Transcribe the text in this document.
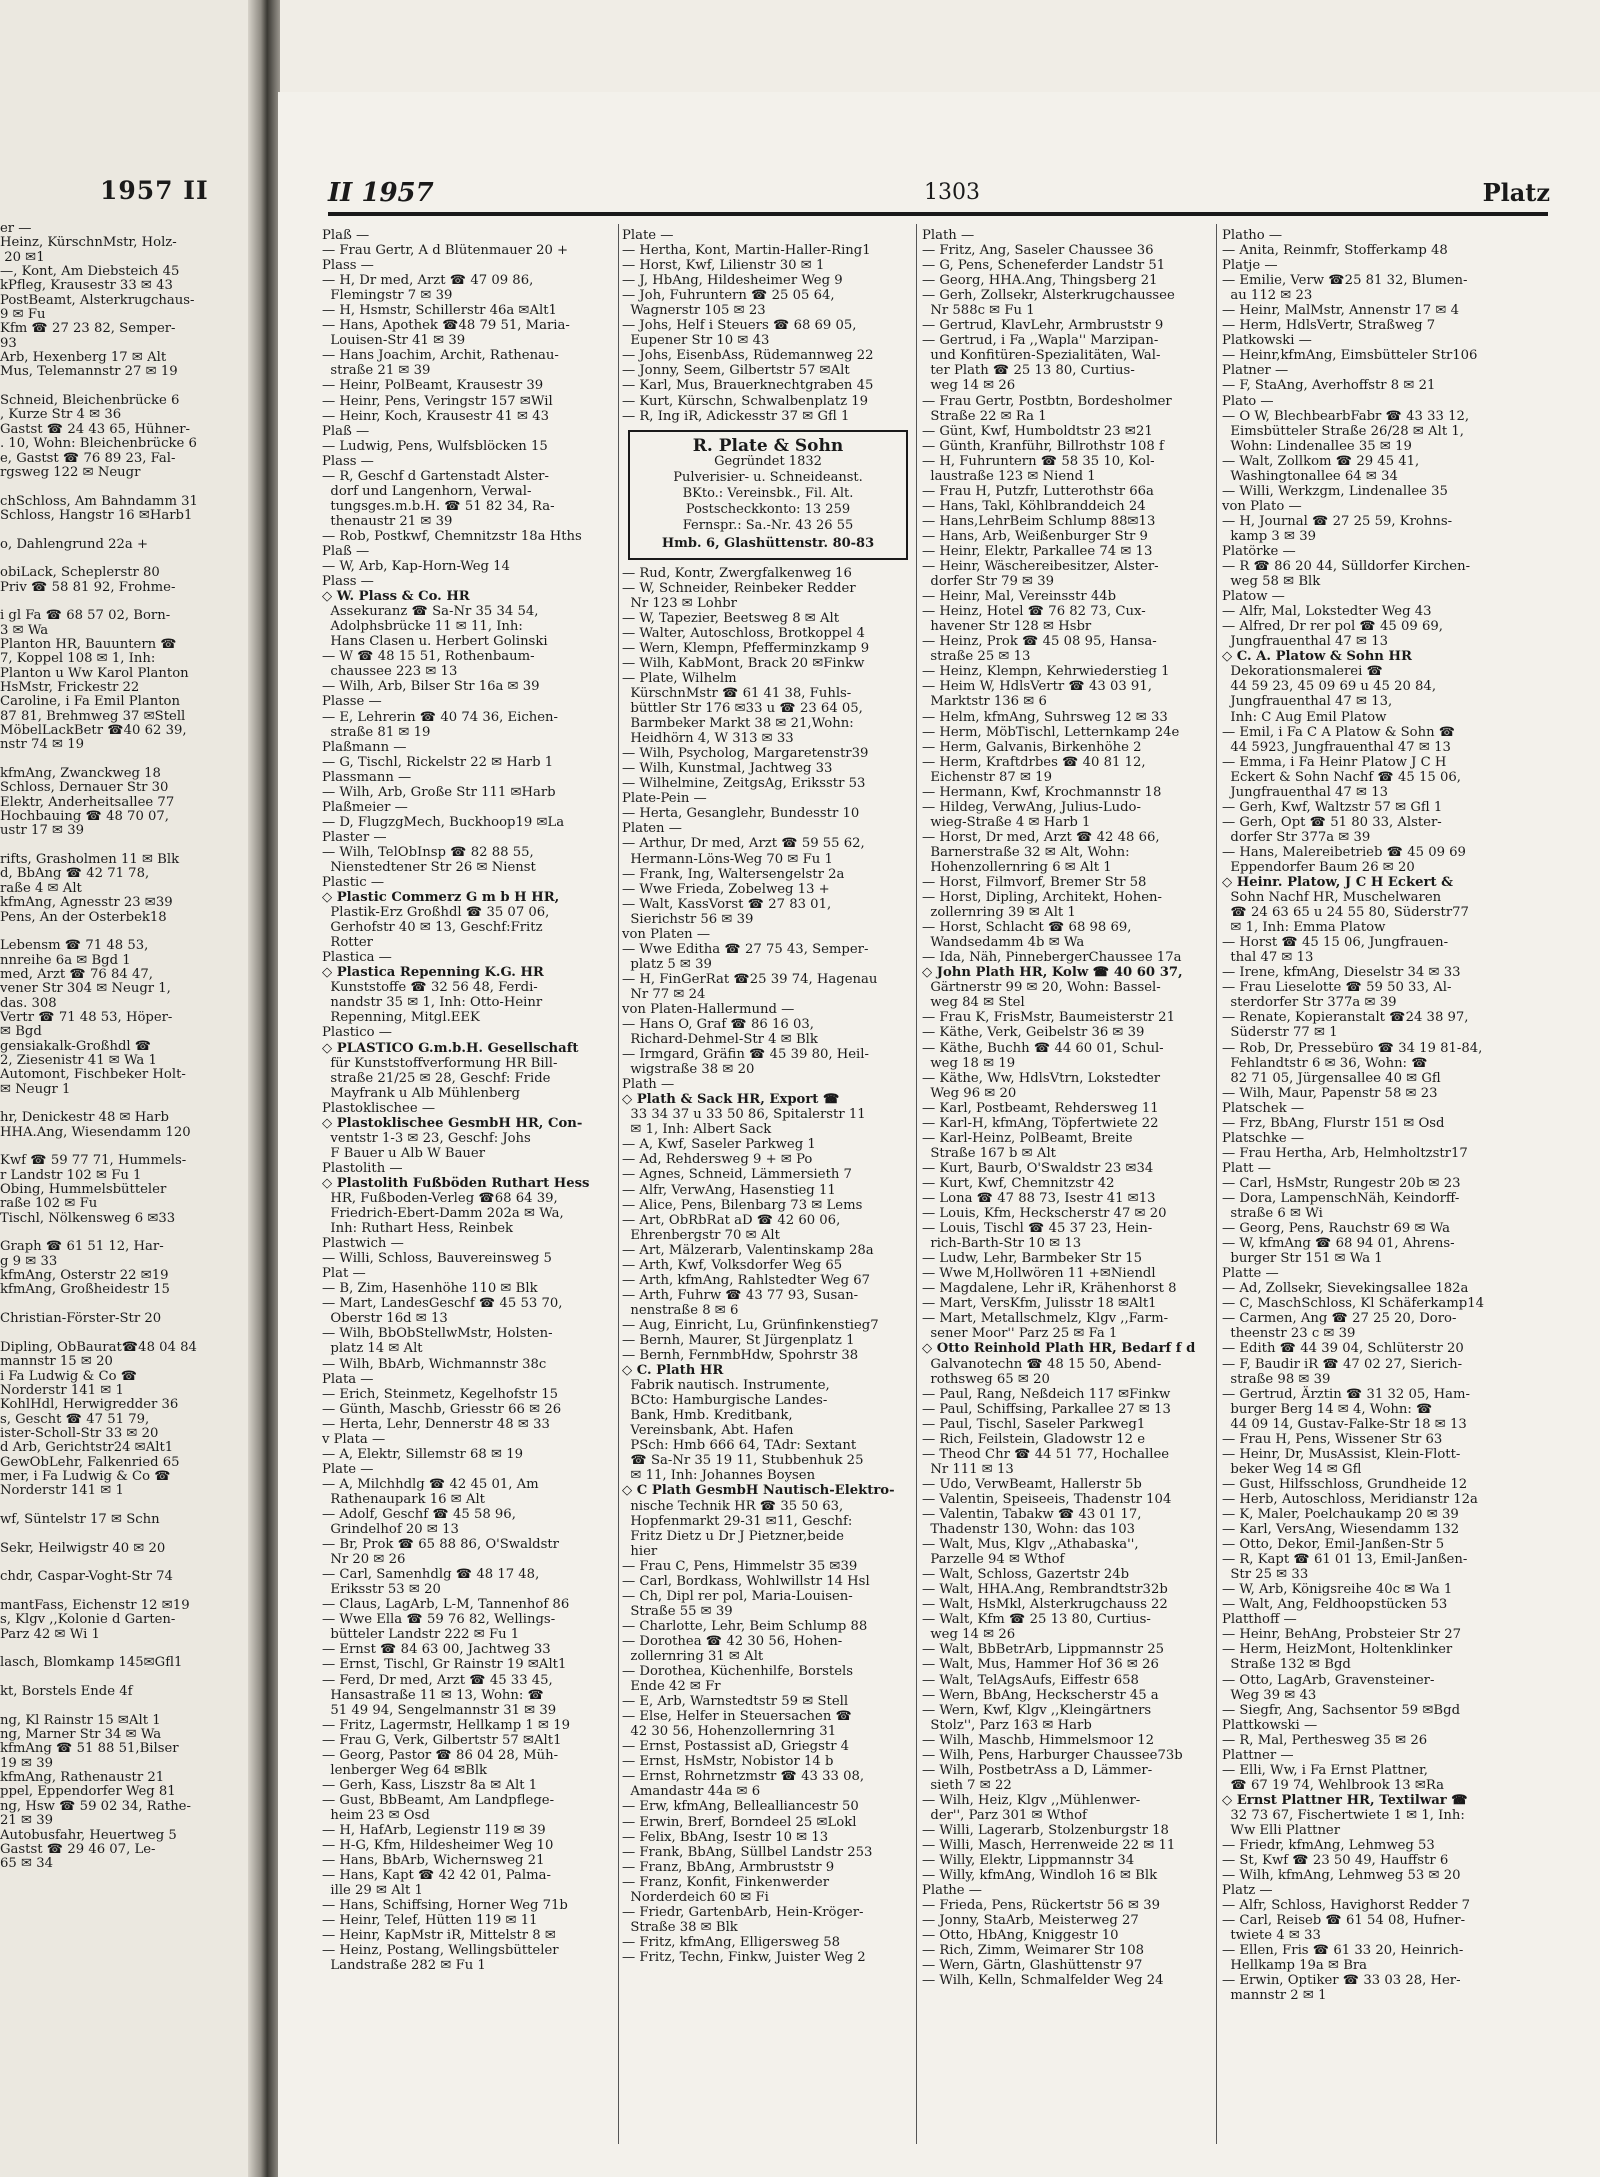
1957 II
er —
Heinz, KürschnMstr, Holz-
20 ✉1
—, Kont, Am Diebsteich 45
kPfleg, Krausestr 33 ✉ 43
PostBeamt, Alsterkrugchaus-
9 ✉ Fu
Kfm ☎ 27 23 82, Semper-
93
Arb, Hexenberg 17 ✉ Alt
Mus, Telemannstr 27 ✉ 19

Schneid, Bleichenbrücke 6
, Kurze Str 4 ✉ 36
Gastst ☎ 24 43 65, Hühner-
. 10, Wohn: Bleichenbrücke 6
e, Gastst ☎ 76 89 23, Fal-
rgsweg 122 ✉ Neugr

chSchloss, Am Bahndamm 31
Schloss, Hangstr 16 ✉Harb1

o, Dahlengrund 22a +

obiLack, Scheplerstr 80
Priv ☎ 58 81 92, Frohme-

i gl Fa ☎ 68 57 02, Born-
3 ✉ Wa
Planton HR, Bauuntern ☎
7, Koppel 108 ✉ 1, Inh:
Planton u Ww Karol Planton
HsMstr, Frickestr 22
Caroline, i Fa Emil Planton
87 81, Brehmweg 37 ✉Stell
MöbelLackBetr ☎40 62 39,
nstr 74 ✉ 19

kfmAng, Zwanckweg 18
Schloss, Dernauer Str 30
Elektr, Anderheitsallee 77
Hochbauing ☎ 48 70 07,
ustr 17 ✉ 39

rifts, Grasholmen 11 ✉ Blk
d, BbAng ☎ 42 71 78,
raße 4 ✉ Alt
kfmAng, Agnesstr 23 ✉39
Pens, An der Osterbek18

Lebensm ☎ 71 48 53,
nnreihe 6a ✉ Bgd 1
med, Arzt ☎ 76 84 47,
vener Str 304 ✉ Neugr 1,
das. 308
Vertr ☎ 71 48 53, Höper-
✉ Bgd
gensiakalk-Großhdl ☎
2, Ziesenistr 41 ✉ Wa 1
Automont, Fischbeker Holt-
✉ Neugr 1

hr, Denickestr 48 ✉ Harb
HHA.Ang, Wiesendamm 120

Kwf ☎ 59 77 71, Hummels-
r Landstr 102 ✉ Fu 1
Obing, Hummelsbütteler
raße 102 ✉ Fu
Tischl, Nölkensweg 6 ✉33

Graph ☎ 61 51 12, Har-
g 9 ✉ 33
kfmAng, Osterstr 22 ✉19
kfmAng, Großheidestr 15

Christian-Förster-Str 20

Dipling, ObBaurat☎48 04 84
mannstr 15 ✉ 20
i Fa Ludwig & Co ☎
Norderstr 141 ✉ 1
KohlHdl, Herwigredder 36
s, Gescht ☎ 47 51 79,
ister-Scholl-Str 33 ✉ 20
d Arb, Gerichtstr24 ✉Alt1
GewObLehr, Falkenried 65
mer, i Fa Ludwig & Co ☎
Norderstr 141 ✉ 1

wf, Süntelstr 17 ✉ Schn

Sekr, Heilwigstr 40 ✉ 20

chdr, Caspar-Voght-Str 74

mantFass, Eichenstr 12 ✉19
s, Klgv ,,Kolonie d Garten-
Parz 42 ✉ Wi 1

lasch, Blomkamp 145✉Gfl1

kt, Borstels Ende 4f

ng, Kl Rainstr 15 ✉Alt 1
ng, Marner Str 34 ✉ Wa
kfmAng ☎ 51 88 51,Bilser
19 ✉ 39
kfmAng, Rathenaustr 21
ppel, Eppendorfer Weg 81
ng, Hsw ☎ 59 02 34, Rathe-
21 ✉ 39
Autobusfahr, Heuertweg 5
Gastst ☎ 29 46 07, Le-
65 ✉ 34
II 1957	1303	Platz
Plaß —
— Frau Gertr, A d Blütenmauer 20 +
Plass —
— H, Dr med, Arzt ☎ 47 09 86,
Flemingstr 7 ✉ 39
— H, Hsmstr, Schillerstr 46a ✉Alt1
— Hans, Apothek ☎48 79 51, Maria-
Louisen-Str 41 ✉ 39
— Hans Joachim, Archit, Rathenau-
straße 21 ✉ 39
— Heinr, PolBeamt, Krausestr 39
— Heinr, Pens, Veringstr 157 ✉Wil
— Heinr, Koch, Krausestr 41 ✉ 43
Plaß —
— Ludwig, Pens, Wulfsblöcken 15
Plass —
— R, Geschf d Gartenstadt Alster-
dorf und Langenhorn, Verwal-
tungsges.m.b.H. ☎ 51 82 34, Ra-
thenaustr 21 ✉ 39
— Rob, Postkwf, Chemnitzstr 18a Hths
Plaß —
— W, Arb, Kap-Horn-Weg 14
Plass —
◇ W. Plass & Co. HR
Assekuranz ☎ Sa-Nr 35 34 54,
Adolphsbrücke 11 ✉ 11, Inh:
Hans Clasen u. Herbert Golinski
— W ☎ 48 15 51, Rothenbaum-
chaussee 223 ✉ 13
— Wilh, Arb, Bilser Str 16a ✉ 39
Plasse —
— E, Lehrerin ☎ 40 74 36, Eichen-
straße 81 ✉ 19
Plaßmann —
— G, Tischl, Rickelstr 22 ✉ Harb 1
Plassmann —
— Wilh, Arb, Große Str 111 ✉Harb
Plaßmeier —
— D, FlugzgMech, Buckhoop19 ✉La
Plaster —
— Wilh, TelObInsp ☎ 82 88 55,
Nienstedtener Str 26 ✉ Nienst
Plastic —
◇ Plastic Commerz G m b H HR,
Plastik-Erz Großhdl ☎ 35 07 06,
Gerhofstr 40 ✉ 13, Geschf:Fritz
Rotter
Plastica —
◇ Plastica Repenning K.G. HR
Kunststoffe ☎ 32 56 48, Ferdi-
nandstr 35 ✉ 1, Inh: Otto-Heinr
Repenning, Mitgl.EEK
Plastico —
◇ PLASTICO G.m.b.H. Gesellschaft
für Kunststoffverformung HR Bill-
straße 21/25 ✉ 28, Geschf: Fride
Mayfrank u Alb Mühlenberg
Plastoklischee —
◇ Plastoklischee GesmbH HR, Con-
ventstr 1-3 ✉ 23, Geschf: Johs
F Bauer u Alb W Bauer
Plastolith —
◇ Plastolith Fußböden Ruthart Hess
HR, Fußboden-Verleg ☎68 64 39,
Friedrich-Ebert-Damm 202a ✉ Wa,
Inh: Ruthart Hess, Reinbek
Plastwich —
— Willi, Schloss, Bauvereinsweg 5
Plat —
— B, Zim, Hasenhöhe 110 ✉ Blk
— Mart, LandesGeschf ☎ 45 53 70,
Oberstr 16d ✉ 13
— Wilh, BbObStellwMstr, Holsten-
platz 14 ✉ Alt
— Wilh, BbArb, Wichmannstr 38c
Plata —
— Erich, Steinmetz, Kegelhofstr 15
— Günth, Maschb, Griesstr 66 ✉ 26
— Herta, Lehr, Dennerstr 48 ✉ 33
v Plata —
— A, Elektr, Sillemstr 68 ✉ 19
Plate —
— A, Milchhdlg ☎ 42 45 01, Am
Rathenaupark 16 ✉ Alt
— Adolf, Geschf ☎ 45 58 96,
Grindelhof 20 ✉ 13
— Br, Prok ☎ 65 88 86, O'Swaldstr
Nr 20 ✉ 26
— Carl, Samenhdlg ☎ 48 17 48,
Eriksstr 53 ✉ 20
— Claus, LagArb, L-M, Tannenhof 86
— Wwe Ella ☎ 59 76 82, Wellings-
bütteler Landstr 222 ✉ Fu 1
— Ernst ☎ 84 63 00, Jachtweg 33
— Ernst, Tischl, Gr Rainstr 19 ✉Alt1
— Ferd, Dr med, Arzt ☎ 45 33 45,
Hansastraße 11 ✉ 13, Wohn: ☎
51 49 94, Sengelmannstr 31 ✉ 39
— Fritz, Lagermstr, Hellkamp 1 ✉ 19
— Frau G, Verk, Gilbertstr 57 ✉Alt1
— Georg, Pastor ☎ 86 04 28, Müh-
lenberger Weg 64 ✉Blk
— Gerh, Kass, Liszstr 8a ✉ Alt 1
— Gust, BbBeamt, Am Landpflege-
heim 23 ✉ Osd
— H, HafArb, Legienstr 119 ✉ 39
— H-G, Kfm, Hildesheimer Weg 10
— Hans, BbArb, Wichernsweg 21
— Hans, Kapt ☎ 42 42 01, Palma-
ille 29 ✉ Alt 1
— Hans, Schiffsing, Horner Weg 71b
— Heinr, Telef, Hütten 119 ✉ 11
— Heinr, KapMstr iR, Mittelstr 8 ✉
— Heinz, Postang, Wellingsbütteler
Landstraße 282 ✉ Fu 1
Plate —
— Hertha, Kont, Martin-Haller-Ring1
— Horst, Kwf, Lilienstr 30 ✉ 1
— J, HbAng, Hildesheimer Weg 9
— Joh, Fuhruntern ☎ 25 05 64,
Wagnerstr 105 ✉ 23
— Johs, Helf i Steuers ☎ 68 69 05,
Eupener Str 10 ✉ 43
— Johs, EisenbAss, Rüdemannweg 22
— Jonny, Seem, Gilbertstr 57 ✉Alt
— Karl, Mus, Brauerknechtgraben 45
— Kurt, Kürschn, Schwalbenplatz 19
— R, Ing iR, Adickesstr 37 ✉ Gfl 1
R. Plate & Sohn
Gegründet 1832
Pulverisier- u. Schneideanst.
BKto.: Vereinsbk., Fil. Alt.
Postscheckkonto: 13 259
Fernspr.: Sa.-Nr. 43 26 55
Hmb. 6, Glashüttenstr. 80-83
— Rud, Kontr, Zwergfalkenweg 16
— W, Schneider, Reinbeker Redder
Nr 123 ✉ Lohbr
— W, Tapezier, Beetsweg 8 ✉ Alt
— Walter, Autoschloss, Brotkoppel 4
— Wern, Klempn, Pfefferminzkamp 9
— Wilh, KabMont, Brack 20 ✉Finkw
— Plate, Wilhelm
KürschnMstr ☎ 61 41 38, Fuhls-
büttler Str 176 ✉33 u ☎ 23 64 05,
Barmbeker Markt 38 ✉ 21,Wohn:
Heidhörn 4, W 313 ✉ 33
— Wilh, Psycholog, Margaretenstr39
— Wilh, Kunstmal, Jachtweg 33
— Wilhelmine, ZeitgsAg, Eriksstr 53
Plate-Pein —
— Herta, Gesanglehr, Bundesstr 10
Platen —
— Arthur, Dr med, Arzt ☎ 59 55 62,
Hermann-Löns-Weg 70 ✉ Fu 1
— Frank, Ing, Waltersengelstr 2a
— Wwe Frieda, Zobelweg 13 +
— Walt, KassVorst ☎ 27 83 01,
Sierichstr 56 ✉ 39
von Platen —
— Wwe Editha ☎ 27 75 43, Semper-
platz 5 ✉ 39
— H, FinGerRat ☎25 39 74, Hagenau
Nr 77 ✉ 24
von Platen-Hallermund —
— Hans O, Graf ☎ 86 16 03,
Richard-Dehmel-Str 4 ✉ Blk
— Irmgard, Gräfin ☎ 45 39 80, Heil-
wigstraße 38 ✉ 20
Plath —
◇ Plath & Sack HR, Export ☎
33 34 37 u 33 50 86, Spitalerstr 11
✉ 1, Inh: Albert Sack
— A, Kwf, Saseler Parkweg 1
— Ad, Rehdersweg 9 + ✉ Po
— Agnes, Schneid, Lämmersieth 7
— Alfr, VerwAng, Hasenstieg 11
— Alice, Pens, Bilenbarg 73 ✉ Lems
— Art, ObRbRat aD ☎ 42 60 06,
Ehrenbergstr 70 ✉ Alt
— Art, Mälzerarb, Valentinskamp 28a
— Arth, Kwf, Volksdorfer Weg 65
— Arth, kfmAng, Rahlstedter Weg 67
— Arth, Fuhrw ☎ 43 77 93, Susan-
nenstraße 8 ✉ 6
— Aug, Einricht, Lu, Grünfinkenstieg7
— Bernh, Maurer, St Jürgenplatz 1
— Bernh, FernmbHdw, Spohrstr 38
◇ C. Plath HR
Fabrik nautisch. Instrumente,
BCto: Hamburgische Landes-
Bank, Hmb. Kreditbank,
Vereinsbank, Abt. Hafen
PSch: Hmb 666 64, TAdr: Sextant
☎ Sa-Nr 35 19 11, Stubbenhuk 25
✉ 11, Inh: Johannes Boysen
◇ C Plath GesmbH Nautisch-Elektro-
nische Technik HR ☎ 35 50 63,
Hopfenmarkt 29-31 ✉11, Geschf:
Fritz Dietz u Dr J Pietzner,beide
hier
— Frau C, Pens, Himmelstr 35 ✉39
— Carl, Bordkass, Wohlwillstr 14 Hsl
— Ch, Dipl rer pol, Maria-Louisen-
Straße 55 ✉ 39
— Charlotte, Lehr, Beim Schlump 88
— Dorothea ☎ 42 30 56, Hohen-
zollernring 31 ✉ Alt
— Dorothea, Küchenhilfe, Borstels
Ende 42 ✉ Fr
— E, Arb, Warnstedtstr 59 ✉ Stell
— Else, Helfer in Steuersachen ☎
42 30 56, Hohenzollernring 31
— Ernst, Postassist aD, Griegstr 4
— Ernst, HsMstr, Nobistor 14 b
— Ernst, Rohrnetzmstr ☎ 43 33 08,
Amandastr 44a ✉ 6
— Erw, kfmAng, Bellealliancestr 50
— Erwin, Brerf, Borndeel 25 ✉Lokl
— Felix, BbAng, Isestr 10 ✉ 13
— Frank, BbAng, Süllbel Landstr 253
— Franz, BbAng, Armbruststr 9
— Franz, Konfit, Finkenwerder
Norderdeich 60 ✉ Fi
— Friedr, GartenbArb, Hein-Kröger-
Straße 38 ✉ Blk
— Fritz, kfmAng, Elligersweg 58
— Fritz, Techn, Finkw, Juister Weg 2
Plath —
— Fritz, Ang, Saseler Chaussee 36
— G, Pens, Scheneferder Landstr 51
— Georg, HHA.Ang, Thingsberg 21
— Gerh, Zollsekr, Alsterkrugchaussee
Nr 588c ✉ Fu 1
— Gertrud, KlavLehr, Armbruststr 9
— Gertrud, i Fa ,,Wapla'' Marzipan-
und Konfitüren-Spezialitäten, Wal-
ter Plath ☎ 25 13 80, Curtius-
weg 14 ✉ 26
— Frau Gertr, Postbtn, Bordesholmer
Straße 22 ✉ Ra 1
— Günt, Kwf, Humboldtstr 23 ✉21
— Günth, Kranführ, Billrothstr 108 f
— H, Fuhruntern ☎ 58 35 10, Kol-
laustraße 123 ✉ Niend 1
— Frau H, Putzfr, Lutterothstr 66a
— Hans, Takl, Köhlbranddeich 24
— Hans,LehrBeim Schlump 88✉13
— Hans, Arb, Weißenburger Str 9
— Heinr, Elektr, Parkallee 74 ✉ 13
— Heinr, Wäschereibesitzer, Alster-
dorfer Str 79 ✉ 39
— Heinr, Mal, Vereinsstr 44b
— Heinz, Hotel ☎ 76 82 73, Cux-
havener Str 128 ✉ Hsbr
— Heinz, Prok ☎ 45 08 95, Hansa-
straße 25 ✉ 13
— Heinz, Klempn, Kehrwiederstieg 1
— Heim W, HdlsVertr ☎ 43 03 91,
Marktstr 136 ✉ 6
— Helm, kfmAng, Suhrsweg 12 ✉ 33
— Herm, MöbTischl, Letternkamp 24e
— Herm, Galvanis, Birkenhöhe 2
— Herm, Kraftdrbes ☎ 40 81 12,
Eichenstr 87 ✉ 19
— Hermann, Kwf, Krochmannstr 18
— Hildeg, VerwAng, Julius-Ludo-
wieg-Straße 4 ✉ Harb 1
— Horst, Dr med, Arzt ☎ 42 48 66,
Barnerstraße 32 ✉ Alt, Wohn:
Hohenzollernring 6 ✉ Alt 1
— Horst, Filmvorf, Bremer Str 58
— Horst, Dipling, Architekt, Hohen-
zollernring 39 ✉ Alt 1
— Horst, Schlacht ☎ 68 98 69,
Wandsedamm 4b ✉ Wa
— Ida, Näh, PinnebergerChaussee 17a
◇ John Plath HR, Kolw ☎ 40 60 37,
Gärtnerstr 99 ✉ 20, Wohn: Bassel-
weg 84 ✉ Stel
— Frau K, FrisMstr, Baumeisterstr 21
— Käthe, Verk, Geibelstr 36 ✉ 39
— Käthe, Buchh ☎ 44 60 01, Schul-
weg 18 ✉ 19
— Käthe, Ww, HdlsVtrn, Lokstedter
Weg 96 ✉ 20
— Karl, Postbeamt, Rehdersweg 11
— Karl-H, kfmAng, Töpfertwiete 22
— Karl-Heinz, PolBeamt, Breite
Straße 167 b ✉ Alt
— Kurt, Baurb, O'Swaldstr 23 ✉34
— Kurt, Kwf, Chemnitzstr 42
— Lona ☎ 47 88 73, Isestr 41 ✉13
— Louis, Kfm, Heckscherstr 47 ✉ 20
— Louis, Tischl ☎ 45 37 23, Hein-
rich-Barth-Str 10 ✉ 13
— Ludw, Lehr, Barmbeker Str 15
— Wwe M,Hollwören 11 +✉Niendl
— Magdalene, Lehr iR, Krähenhorst 8
— Mart, VersKfm, Julisstr 18 ✉Alt1
— Mart, Metallschmelz, Klgv ,,Farm-
sener Moor'' Parz 25 ✉ Fa 1
◇ Otto Reinhold Plath HR, Bedarf f d
Galvanotechn ☎ 48 15 50, Abend-
rothsweg 65 ✉ 20
— Paul, Rang, Neßdeich 117 ✉Finkw
— Paul, Schiffsing, Parkallee 27 ✉ 13
— Paul, Tischl, Saseler Parkweg1
— Rich, Feilstein, Gladowstr 12 e
— Theod Chr ☎ 44 51 77, Hochallee
Nr 111 ✉ 13
— Udo, VerwBeamt, Hallerstr 5b
— Valentin, Speiseeis, Thadenstr 104
— Valentin, Tabakw ☎ 43 01 17,
Thadenstr 130, Wohn: das 103
— Walt, Mus, Klgv ,,Athabaska'',
Parzelle 94 ✉ Wthof
— Walt, Schloss, Gazertstr 24b
— Walt, HHA.Ang, Rembrandtstr32b
— Walt, HsMkl, Alsterkrugchauss 22
— Walt, Kfm ☎ 25 13 80, Curtius-
weg 14 ✉ 26
— Walt, BbBetrArb, Lippmannstr 25
— Walt, Mus, Hammer Hof 36 ✉ 26
— Walt, TelAgsAufs, Eiffestr 658
— Wern, BbAng, Heckscherstr 45 a
— Wern, Kwf, Klgv ,,Kleingärtners
Stolz'', Parz 163 ✉ Harb
— Wilh, Maschb, Himmelsmoor 12
— Wilh, Pens, Harburger Chaussee73b
— Wilh, PostbetrAss a D, Lämmer-
sieth 7 ✉ 22
— Wilh, Heiz, Klgv ,,Mühlenwer-
der'', Parz 301 ✉ Wthof
— Willi, Lagerarb, Stolzenburgstr 18
— Willi, Masch, Herrenweide 22 ✉ 11
— Willy, Elektr, Lippmannstr 34
— Willy, kfmAng, Windloh 16 ✉ Blk
Plathe —
— Frieda, Pens, Rückertstr 56 ✉ 39
— Jonny, StaArb, Meisterweg 27
— Otto, HbAng, Kniggestr 10
— Rich, Zimm, Weimarer Str 108
— Wern, Gärtn, Glashüttenstr 97
— Wilh, Kelln, Schmalfelder Weg 24
Platho —
— Anita, Reinmfr, Stofferkamp 48
Platje —
— Emilie, Verw ☎25 81 32, Blumen-
au 112 ✉ 23
— Heinr, MalMstr, Annenstr 17 ✉ 4
— Herm, HdlsVertr, Straßweg 7
Platkowski —
— Heinr,kfmAng, Eimsbütteler Str106
Platner —
— F, StaAng, Averhoffstr 8 ✉ 21
Plato —
— O W, BlechbearbFabr ☎ 43 33 12,
Eimsbütteler Straße 26/28 ✉ Alt 1,
Wohn: Lindenallee 35 ✉ 19
— Walt, Zollkom ☎ 29 45 41,
Washingtonallee 64 ✉ 34
— Willi, Werkzgm, Lindenallee 35
von Plato —
— H, Journal ☎ 27 25 59, Krohns-
kamp 3 ✉ 39
Platörke —
— R ☎ 86 20 44, Sülldorfer Kirchen-
weg 58 ✉ Blk
Platow —
— Alfr, Mal, Lokstedter Weg 43
— Alfred, Dr rer pol ☎ 45 09 69,
Jungfrauenthal 47 ✉ 13
◇ C. A. Platow & Sohn HR
Dekorationsmalerei ☎
44 59 23, 45 09 69 u 45 20 84,
Jungfrauenthal 47 ✉ 13,
Inh: C Aug Emil Platow
— Emil, i Fa C A Platow & Sohn ☎
44 5923, Jungfrauenthal 47 ✉ 13
— Emma, i Fa Heinr Platow J C H
Eckert & Sohn Nachf ☎ 45 15 06,
Jungfrauenthal 47 ✉ 13
— Gerh, Kwf, Waltzstr 57 ✉ Gfl 1
— Gerh, Opt ☎ 51 80 33, Alster-
dorfer Str 377a ✉ 39
— Hans, Malereibetrieb ☎ 45 09 69
Eppendorfer Baum 26 ✉ 20
◇ Heinr. Platow, J C H Eckert &
Sohn Nachf HR, Muschelwaren
☎ 24 63 65 u 24 55 80, Süderstr77
✉ 1, Inh: Emma Platow
— Horst ☎ 45 15 06, Jungfrauen-
thal 47 ✉ 13
— Irene, kfmAng, Dieselstr 34 ✉ 33
— Frau Lieselotte ☎ 59 50 33, Al-
sterdorfer Str 377a ✉ 39
— Renate, Kopieranstalt ☎24 38 97,
Süderstr 77 ✉ 1
— Rob, Dr, Pressebüro ☎ 34 19 81-84,
Fehlandtstr 6 ✉ 36, Wohn: ☎
82 71 05, Jürgensallee 40 ✉ Gfl
— Wilh, Maur, Papenstr 58 ✉ 23
Platschek —
— Frz, BbAng, Flurstr 151 ✉ Osd
Platschke —
— Frau Hertha, Arb, Helmholtzstr17
Platt —
— Carl, HsMstr, Rungestr 20b ✉ 23
— Dora, LampenschNäh, Keindorff-
straße 6 ✉ Wi
— Georg, Pens, Rauchstr 69 ✉ Wa
— W, kfmAng ☎ 68 94 01, Ahrens-
burger Str 151 ✉ Wa 1
Platte —
— Ad, Zollsekr, Sievekingsallee 182a
— C, MaschSchloss, Kl Schäferkamp14
— Carmen, Ang ☎ 27 25 20, Doro-
theenstr 23 c ✉ 39
— Edith ☎ 44 39 04, Schlüterstr 20
— F, Baudir iR ☎ 47 02 27, Sierich-
straße 98 ✉ 39
— Gertrud, Ärztin ☎ 31 32 05, Ham-
burger Berg 14 ✉ 4, Wohn: ☎
44 09 14, Gustav-Falke-Str 18 ✉ 13
— Frau H, Pens, Wissener Str 63
— Heinr, Dr, MusAssist, Klein-Flott-
beker Weg 14 ✉ Gfl
— Gust, Hilfsschloss, Grundheide 12
— Herb, Autoschloss, Meridianstr 12a
— K, Maler, Poelchaukamp 20 ✉ 39
— Karl, VersAng, Wiesendamm 132
— Otto, Dekor, Emil-Janßen-Str 5
— R, Kapt ☎ 61 01 13, Emil-Janßen-
Str 25 ✉ 33
— W, Arb, Königsreihe 40c ✉ Wa 1
— Walt, Ang, Feldhoopstücken 53
Platthoff —
— Heinr, BehAng, Probsteier Str 27
— Herm, HeizMont, Holtenklinker
Straße 132 ✉ Bgd
— Otto, LagArb, Gravensteiner-
Weg 39 ✉ 43
— Siegfr, Ang, Sachsentor 59 ✉Bgd
Plattkowski —
— R, Mal, Perthesweg 35 ✉ 26
Plattner —
— Elli, Ww, i Fa Ernst Plattner,
☎ 67 19 74, Wehlbrook 13 ✉Ra
◇ Ernst Plattner HR, Textilwar ☎
32 73 67, Fischertwiete 1 ✉ 1, Inh:
Ww Elli Plattner
— Friedr, kfmAng, Lehmweg 53
— St, Kwf ☎ 23 50 49, Hauffstr 6
— Wilh, kfmAng, Lehmweg 53 ✉ 20
Platz —
— Alfr, Schloss, Havighorst Redder 7
— Carl, Reiseb ☎ 61 54 08, Hufner-
twiete 4 ✉ 33
— Ellen, Fris ☎ 61 33 20, Heinrich-
Hellkamp 19a ✉ Bra
— Erwin, Optiker ☎ 33 03 28, Her-
mannstr 2 ✉ 1
